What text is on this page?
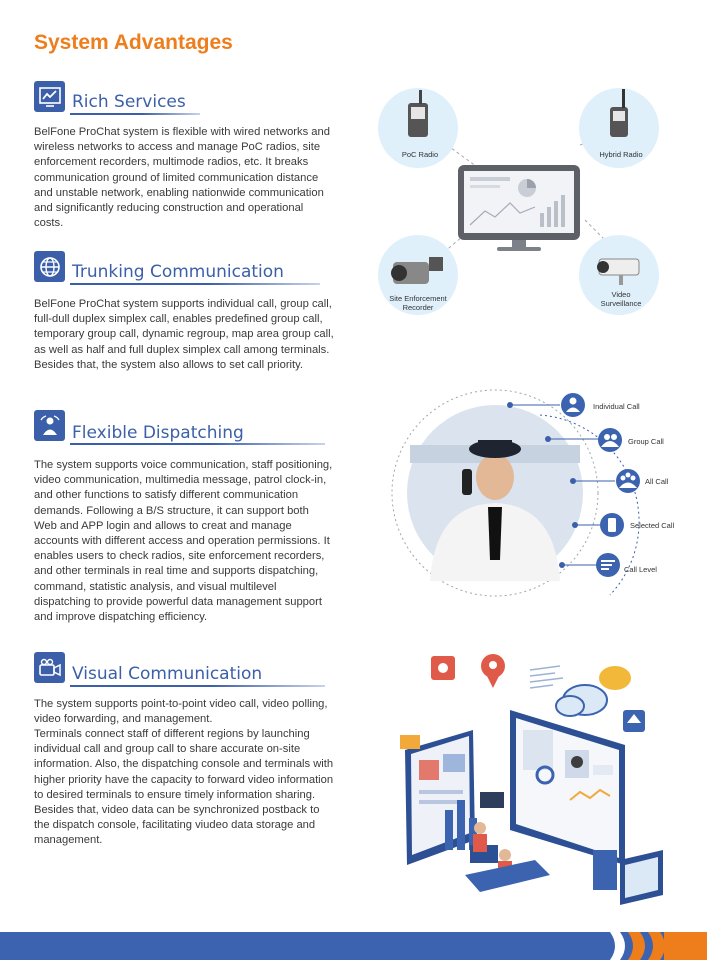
System Advantages
Rich Services
BelFone ProChat system is flexible with wired networks and wireless networks to access and manage PoC radios, site enforcement recorders, multimode radios, etc. It breaks communication ground of limited communication distance and unstable network, enabling nationwide communication and significantly reducing construction and operational costs.
Trunking Communication
BelFone ProChat system supports individual call, group call, full-dull duplex simplex call, enables predefined group call, temporary group call, dynamic regroup, map area group call, as well as half and full duplex simplex call among terminals. Besides that, the system also allows to set call priority.
Flexible Dispatching
The system supports voice communication, staff positioning, video communication, multimedia message, patrol clock-in, and other functions to satisfy different communication demands. Following a B/S structure, it can support both Web and APP login and allows to creat and manage accounts with different access and operation permissions. It enables users to check radios, site enforcement recorders, and other terminals in real time and supports dispatching, command, statistic analysis, and visual multilevel dispatching to provide powerful data management support and improve dispatching efficiency.
Visual Communication
The system supports point-to-point video call, video polling, video forwarding, and management.
Terminals connect staff of different regions by launching individual call and group call to share accurate on-site information. Also, the dispatching console and terminals with higher priority have the capacity to forward video information to desired terminals to ensure timely information sharing. Besides that, video data can be synchronized postback to the dispatch console, facilitating viudeo data storage and management.
PoC Radio	Hybrid Radio
Site Enforcement Recorder
Video Surveillance
Individual Call
Group Call
All Call
Selected Call
Call Level
